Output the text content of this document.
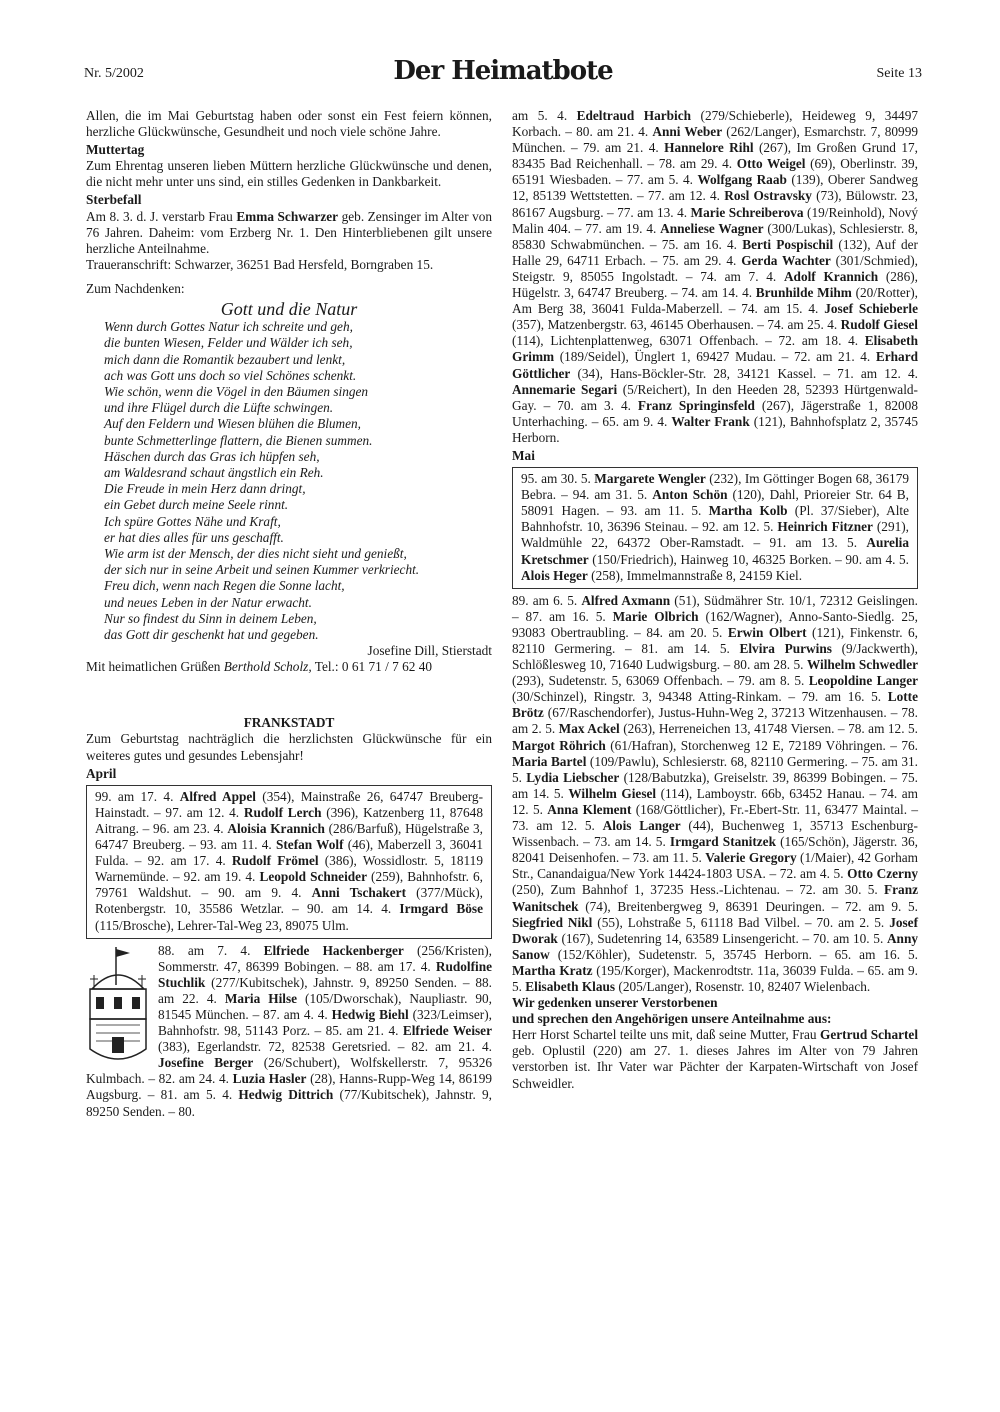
Nr. 5/2002	Der Heimatbote	Seite 13

Allen, die im Mai Geburtstag haben oder sonst ein Fest feiern können, herzliche Glückwünsche, Gesundheit und noch viele schöne Jahre.

Muttertag

Zum Ehrentag unseren lieben Müttern herzliche Glückwünsche und denen, die nicht mehr unter uns sind, ein stilles Gedenken in Dankbarkeit.

Sterbefall

Am 8. 3. d. J. verstarb Frau Emma Schwarzer geb. Zensinger im Alter von 76 Jahren. Daheim: vom Erzberg Nr. 1. Den Hinterbliebenen gilt unsere herzliche Anteilnahme.

Traueranschrift: Schwarzer, 36251 Bad Hersfeld, Borngraben 15.

Zum Nachdenken:

Gott und die Natur

Wenn durch Gottes Natur ich schreite und geh,

die bunten Wiesen, Felder und Wälder ich seh,

mich dann die Romantik bezaubert und lenkt,

ach was Gott uns doch so viel Schönes schenkt.

Wie schön, wenn die Vögel in den Bäumen singen

und ihre Flügel durch die Lüfte schwingen.

Auf den Feldern und Wiesen blühen die Blumen,

bunte Schmetterlinge flattern, die Bienen summen.

Häschen durch das Gras ich hüpfen seh,

am Waldesrand schaut ängstlich ein Reh.

Die Freude in mein Herz dann dringt,

ein Gebet durch meine Seele rinnt.

Ich spüre Gottes Nähe und Kraft,

er hat dies alles für uns geschafft.

Wie arm ist der Mensch, der dies nicht sieht und genießt,

der sich nur in seine Arbeit und seinen Kummer verkriecht.

Freu dich, wenn nach Regen die Sonne lacht,

und neues Leben in der Natur erwacht.

Nur so findest du Sinn in deinem Leben,

das Gott dir geschenkt hat und gegeben.

Josefine Dill, Stierstadt

Mit heimatlichen Grüßen Berthold Scholz, Tel.: 0 61 71 / 7 62 40

FRANKSTADT

Zum Geburtstag nachträglich die herzlichsten Glückwünsche für ein weiteres gutes und gesundes Lebensjahr!

April

99. am 17. 4. Alfred Appel (354), Mainstraße 26, 64747 Breuberg-Hainstadt. – 97. am 12. 4. Rudolf Lerch (396), Katzenberg 11, 87648 Aitrang. – 96. am 23. 4. Aloisia Krannich (286/Barfuß), Hügelstraße 3, 64747 Breuberg. – 93. am 11. 4. Stefan Wolf (46), Maberzell 3, 36041 Fulda. – 92. am 17. 4. Rudolf Frömel (386), Wossidlostr. 5, 18119 Warnemünde. – 92. am 19. 4. Leopold Schneider (259), Bahnhofstr. 6, 79761 Waldshut. – 90. am 9. 4. Anni Tschakert (377/Mück), Rotenbergstr. 10, 35586 Wetzlar. – 90. am 14. 4. Irmgard Böse (115/Brosche), Lehrer-Tal-Weg 23, 89075 Ulm.

88. am 7. 4. Elfriede Hackenberger (256/Kristen), Sommerstr. 47, 86399 Bobingen. – 88. am 17. 4. Rudolfine Stuchlik (277/Kubitschek), Jahnstr. 9, 89250 Senden. – 88. am 22. 4. Maria Hilse (105/Dworschak), Naupliastr. 90, 81545 München. – 87. am 4. 4. Hedwig Biehl (323/Leimser), Bahnhofstr. 98, 51143 Porz. – 85. am 21. 4. Elfriede Weiser (383), Egerlandstr. 72, 82538 Geretsried. – 82. am 21. 4. Josefine Berger (26/Schubert), Wolfskellerstr. 7, 95326 Kulmbach. – 82. am 24. 4. Luzia Hasler (28), Hanns-Rupp-Weg 14, 86199 Augsburg. – 81. am 5. 4. Hedwig Dittrich (77/Kubitschek), Jahnstr. 9, 89250 Senden. – 80.

am 5. 4. Edeltraud Harbich (279/Schieberle), Heideweg 9, 34497 Korbach. – 80. am 21. 4. Anni Weber (262/Langer), Esmarchstr. 7, 80999 München. – 79. am 21. 4. Hannelore Rihl (267), Im Großen Grund 17, 83435 Bad Reichenhall. – 78. am 29. 4. Otto Weigel (69), Oberlinstr. 39, 65191 Wiesbaden. – 77. am 5. 4. Wolfgang Raab (139), Oberer Sandweg 12, 85139 Wettstetten. – 77. am 12. 4. Rosl Ostravsky (73), Bülowstr. 23, 86167 Augsburg. – 77. am 13. 4. Marie Schreiberova (19/Reinhold), Nový Malin 404. – 77. am 19. 4. Anneliese Wagner (300/Lukas), Schlesierstr. 8, 85830 Schwabmünchen. – 75. am 16. 4. Berti Pospischil (132), Auf der Halle 29, 64711 Erbach. – 75. am 29. 4. Gerda Wachter (301/Schmied), Steigstr. 9, 85055 Ingolstadt. – 74. am 7. 4. Adolf Krannich (286), Hügelstr. 3, 64747 Breuberg. – 74. am 14. 4. Brunhilde Mihm (20/Rotter), Am Berg 38, 36041 Fulda-Maberzell. – 74. am 15. 4. Josef Schieberle (357), Matzenbergstr. 63, 46145 Oberhausen. – 74. am 25. 4. Rudolf Giesel (114), Lichtenplattenweg, 63071 Offenbach. – 72. am 18. 4. Elisabeth Grimm (189/Seidel), Ünglert 1, 69427 Mudau. – 72. am 21. 4. Erhard Göttlicher (34), Hans-Böckler-Str. 28, 34121 Kassel. – 71. am 12. 4. Annemarie Segari (5/Reichert), In den Heeden 28, 52393 Hürtgenwald-Gay. – 70. am 3. 4. Franz Springinsfeld (267), Jägerstraße 1, 82008 Unterhaching. – 65. am 9. 4. Walter Frank (121), Bahnhofsplatz 2, 35745 Herborn.

Mai

95. am 30. 5. Margarete Wengler (232), Im Göttinger Bogen 68, 36179 Bebra. – 94. am 31. 5. Anton Schön (120), Dahl, Prioreier Str. 64 B, 58091 Hagen. – 93. am 11. 5. Martha Kolb (Pl. 37/Sieber), Alte Bahnhofstr. 10, 36396 Steinau. – 92. am 12. 5. Heinrich Fitzner (291), Waldmühle 22, 64372 Ober-Ramstadt. – 91. am 13. 5. Aurelia Kretschmer (150/Friedrich), Hainweg 10, 46325 Borken. – 90. am 4. 5. Alois Heger (258), Immelmannstraße 8, 24159 Kiel.

89. am 6. 5. Alfred Axmann (51), Südmährer Str. 10/1, 72312 Geislingen. – 87. am 16. 5. Marie Olbrich (162/Wagner), Anno-Santo-Siedlg. 25, 93083 Obertraubling. – 84. am 20. 5. Erwin Olbert (121), Finkenstr. 6, 82110 Germering. – 81. am 14. 5. Elvira Purwins (9/Jackwerth), Schlößlesweg 10, 71640 Ludwigsburg. – 80. am 28. 5. Wilhelm Schwedler (293), Sudetenstr. 5, 63069 Offenbach. – 79. am 8. 5. Leopoldine Langer (30/Schinzel), Ringstr. 3, 94348 Atting-Rinkam. – 79. am 16. 5. Lotte Brötz (67/Raschendorfer), Justus-Huhn-Weg 2, 37213 Witzenhausen. – 78. am 2. 5. Max Ackel (263), Herreneichen 13, 41748 Viersen. – 78. am 12. 5. Margot Röhrich (61/Hafran), Storchenweg 12 E, 72189 Vöhringen. – 76. Maria Bartel (109/Pawlu), Schlesierstr. 68, 82110 Germering. – 75. am 31. 5. Lydia Liebscher (128/Babutzka), Greiselstr. 39, 86399 Bobingen. – 75. am 14. 5. Wilhelm Giesel (114), Lamboystr. 66b, 63452 Hanau. – 74. am 12. 5. Anna Klement (168/Göttlicher), Fr.-Ebert-Str. 11, 63477 Maintal. – 73. am 12. 5. Alois Langer (44), Buchenweg 1, 35713 Eschenburg-Wissenbach. – 73. am 14. 5. Irmgard Stanitzek (165/Schön), Jägerstr. 36, 82041 Deisenhofen. – 73. am 11. 5. Valerie Gregory (1/Maier), 42 Gorham Str., Canandaigua/New York 14424-1803 USA. – 72. am 4. 5. Otto Czerny (250), Zum Bahnhof 1, 37235 Hess.-Lichtenau. – 72. am 30. 5. Franz Wanitschek (74), Breitenbergweg 9, 86391 Deuringen. – 72. am 9. 5. Siegfried Nikl (55), Lohstraße 5, 61118 Bad Vilbel. – 70. am 2. 5. Josef Dworak (167), Sudetenring 14, 63589 Linsengericht. – 70. am 10. 5. Anny Sanow (152/Köhler), Sudetenstr. 5, 35745 Herborn. – 65. am 16. 5. Martha Kratz (195/Korger), Mackenrodtstr. 11a, 36039 Fulda. – 65. am 9. 5. Elisabeth Klaus (205/Langer), Rosenstr. 10, 82407 Wielenbach.

Wir gedenken unserer Verstorbenen

und sprechen den Angehörigen unsere Anteilnahme aus:

Herr Horst Schartel teilte uns mit, daß seine Mutter, Frau Gertrud Schartel geb. Oplustil (220) am 27. 1. dieses Jahres im Alter von 79 Jahren verstorben ist. Ihr Vater war Pächter der Karpaten-Wirtschaft von Josef Schweidler.
